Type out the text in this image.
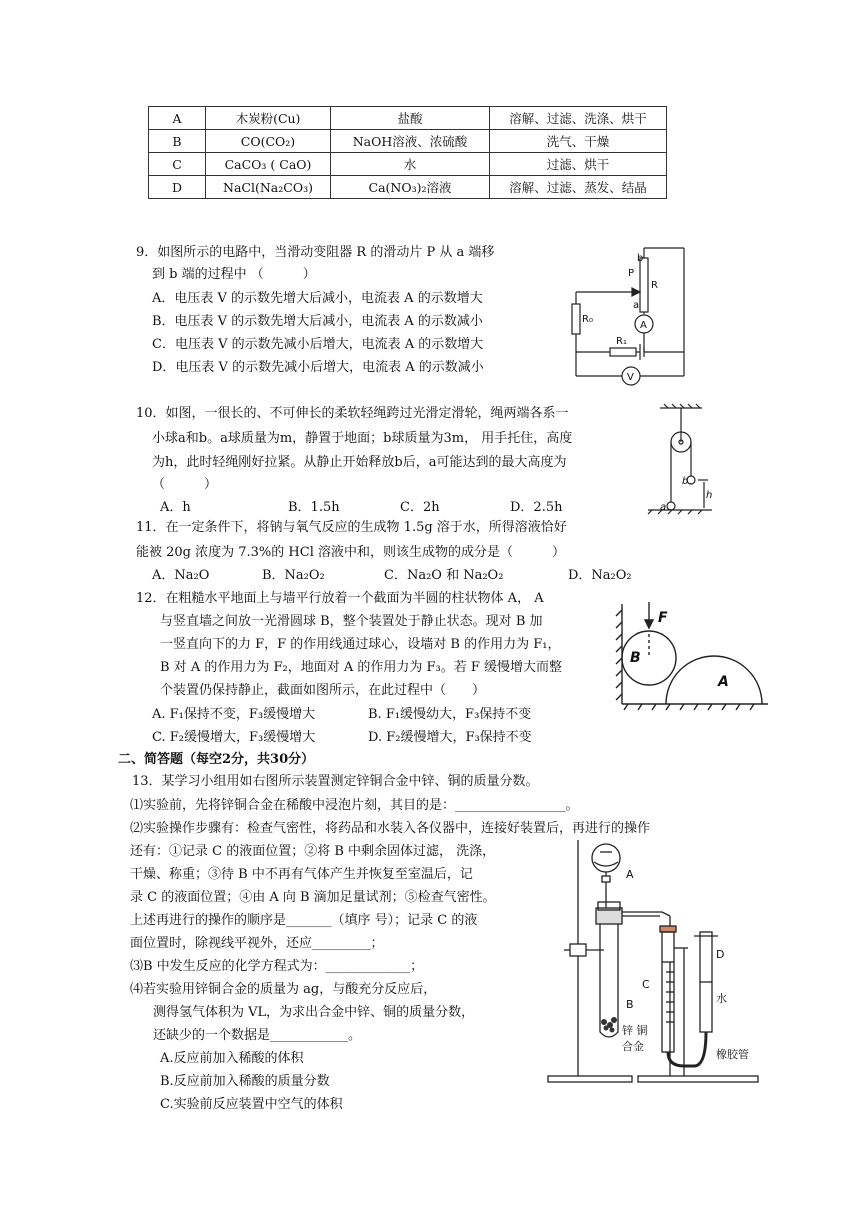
A	木炭粉(Cu)	盐酸	溶解、过滤、洗涤、烘干
B	CO(CO₂)	NaOH溶液、浓硫酸	洗气、干燥
C	CaCO₃ ( CaO)	水	过滤、烘干
D	NaCl(Na₂CO₃)	Ca(NO₃)₂溶液	溶解、过滤、蒸发、结晶
9．如图所示的电路中，当滑动变阻器 R 的滑动片 P 从 a 端移
到 b 端的过程中 （　　　）
A．电压表 V 的示数先增大后减小，电流表 A 的示数增大
B．电压表 V 的示数先增大后减小，电流表 A 的示数减小
C．电压表 V 的示数先减小后增大，电流表 A 的示数增大
D．电压表 V 的示数先减小后增大，电流表 A 的示数减小
b
P
R
a
R₀
A
R₁
V
10．如图，一很长的、不可伸长的柔软轻绳跨过光滑定滑轮，绳两端各系一
小球a和b。a球质量为m，静置于地面；b球质量为3m， 用手托住，高度
为h，此时轻绳刚好拉紧。从静止开始释放b后，a可能达到的最大高度为
（　　　）
A．h	B．1.5h	C．2h	D．2.5h
b
h
a
11．在一定条件下，将钠与氧气反应的生成物 1.5g 溶于水，所得溶液恰好
能被 20g 浓度为 7.3%的 HCl 溶液中和，则该生成物的成分是（　　　）
A．Na₂O	B．Na₂O₂	C．Na₂O 和 Na₂O₂	D．Na₂O₂
12．在粗糙水平地面上与墙平行放着一个截面为半圆的柱状物体 A， A
与竖直墙之间放一光滑圆球 B，整个装置处于静止状态。现对 B 加
一竖直向下的力 F，F 的作用线通过球心，设墙对 B 的作用力为 F₁，
B 对 A 的作用力为 F₂，地面对 A 的作用力为 F₃。若 F 缓慢增大而整
个装置仍保持静止，截面如图所示，在此过程中（　　）
A. F₁保持不变，F₃缓慢增大	B. F₁缓慢幼大，F₃保持不变
C. F₂缓慢增大，F₃缓慢增大	D. F₂缓慢增大，F₃保持不变
F
B
A
二、简答题（每空2分，共30分）
13．某学习小组用如右图所示装置测定锌铜合金中锌、铜的质量分数。
⑴实验前，先将锌铜合金在稀酸中浸泡片刻，其目的是：_________________。
⑵实验操作步骤有：检查气密性，将药品和水装入各仪器中，连接好装置后，再进行的操作
还有：①记录 C 的液面位置；②将 B 中剩余固体过滤， 洗涤，
干燥、称重；③待 B 中不再有气体产生并恢复至室温后，记
录 C 的液面位置；④由 A 向 B 滴加足量试剂；⑤检查气密性。
上述再进行的操作的顺序是_______（填序 号）；记录 C 的液
面位置时，除视线平视外，还应_________；
⑶B 中发生反应的化学方程式为：_____________；
⑷若实验用锌铜合金的质量为 ag，与酸充分反应后，
测得氢气体积为 VL，为求出合金中锌、铜的质量分数，
还缺少的一个数据是____________。
A.反应前加入稀酸的体积
B.反应前加入稀酸的质量分数
C.实验前反应装置中空气的体积
A
D
C
水
B
锌 铜
合金
橡胶管
